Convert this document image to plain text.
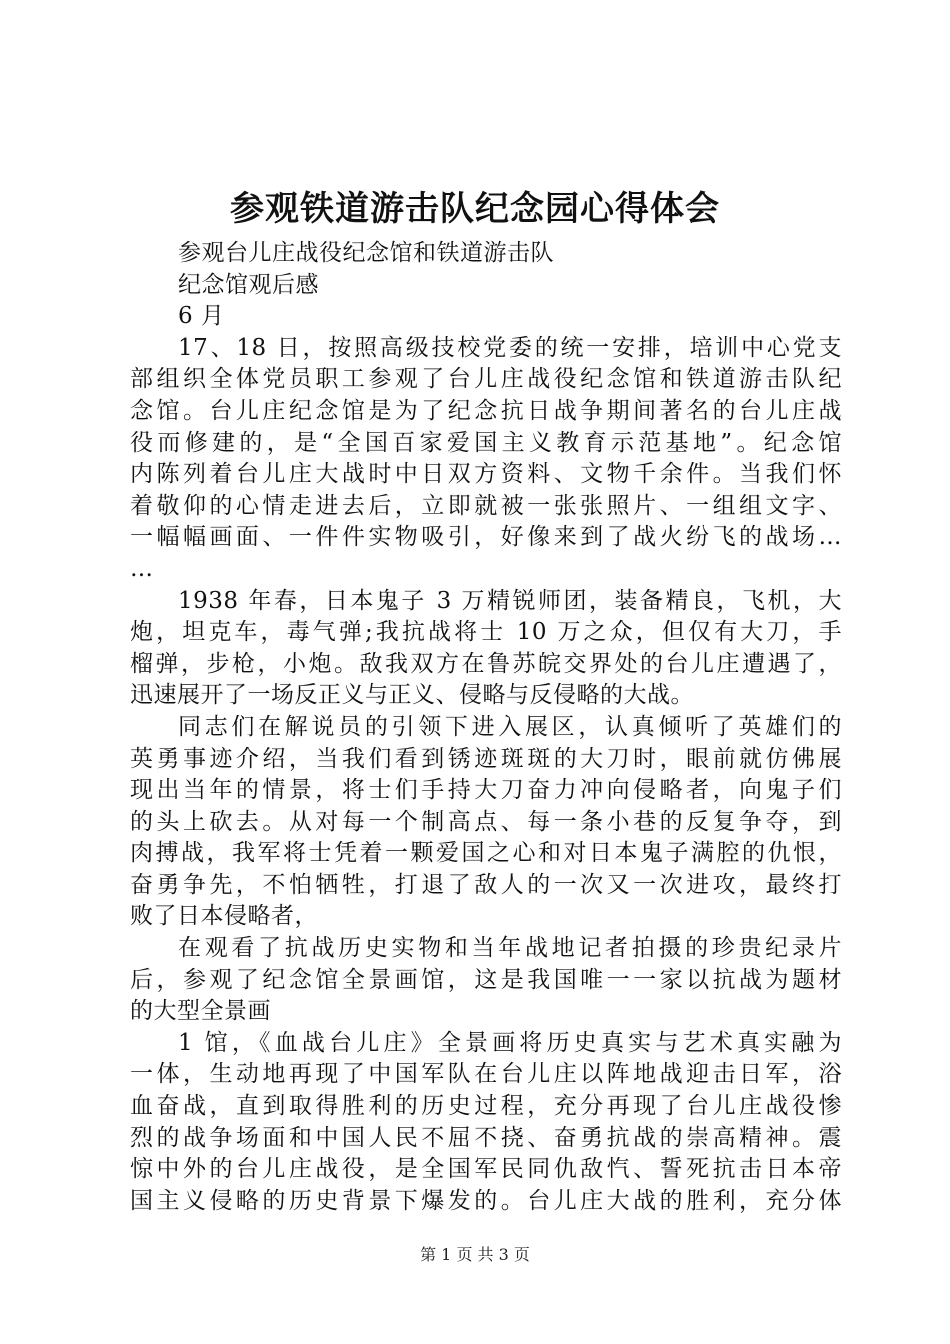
参观铁道游击队纪念园心得体会
参观台儿庄战役纪念馆和铁道游击队
纪念馆观后感
6 月
17、18 日，按照高级技校党委的统一安排，培训中心党支
部组织全体党员职工参观了台儿庄战役纪念馆和铁道游击队纪
念馆。台儿庄纪念馆是为了纪念抗日战争期间著名的台儿庄战
役而修建的，是“全国百家爱国主义教育示范基地”。纪念馆
内陈列着台儿庄大战时中日双方资料、文物千余件。当我们怀
着敬仰的心情走进去后，立即就被一张张照片、一组组文字、
一幅幅画面、一件件实物吸引，好像来到了战火纷飞的战场…
…
1938 年春，日本鬼子 3 万精锐师团，装备精良，飞机，大
炮，坦克车，毒气弹;我抗战将士 10 万之众，但仅有大刀，手
榴弹，步枪，小炮。敌我双方在鲁苏皖交界处的台儿庄遭遇了，
迅速展开了一场反正义与正义、侵略与反侵略的大战。
同志们在解说员的引领下进入展区，认真倾听了英雄们的
英勇事迹介绍，当我们看到锈迹斑斑的大刀时，眼前就仿佛展
现出当年的情景，将士们手持大刀奋力冲向侵略者，向鬼子们
的头上砍去。从对每一个制高点、每一条小巷的反复争夺，到
肉搏战，我军将士凭着一颗爱国之心和对日本鬼子满腔的仇恨，
奋勇争先，不怕牺牲，打退了敌人的一次又一次进攻，最终打
败了日本侵略者，
在观看了抗战历史实物和当年战地记者拍摄的珍贵纪录片
后，参观了纪念馆全景画馆，这是我国唯一一家以抗战为题材
的大型全景画
1 馆，《血战台儿庄》全景画将历史真实与艺术真实融为
一体，生动地再现了中国军队在台儿庄以阵地战迎击日军，浴
血奋战，直到取得胜利的历史过程，充分再现了台儿庄战役惨
烈的战争场面和中国人民不屈不挠、奋勇抗战的崇高精神。震
惊中外的台儿庄战役，是全国军民同仇敌忾、誓死抗击日本帝
国主义侵略的历史背景下爆发的。台儿庄大战的胜利，充分体
第 1 页 共 3 页
